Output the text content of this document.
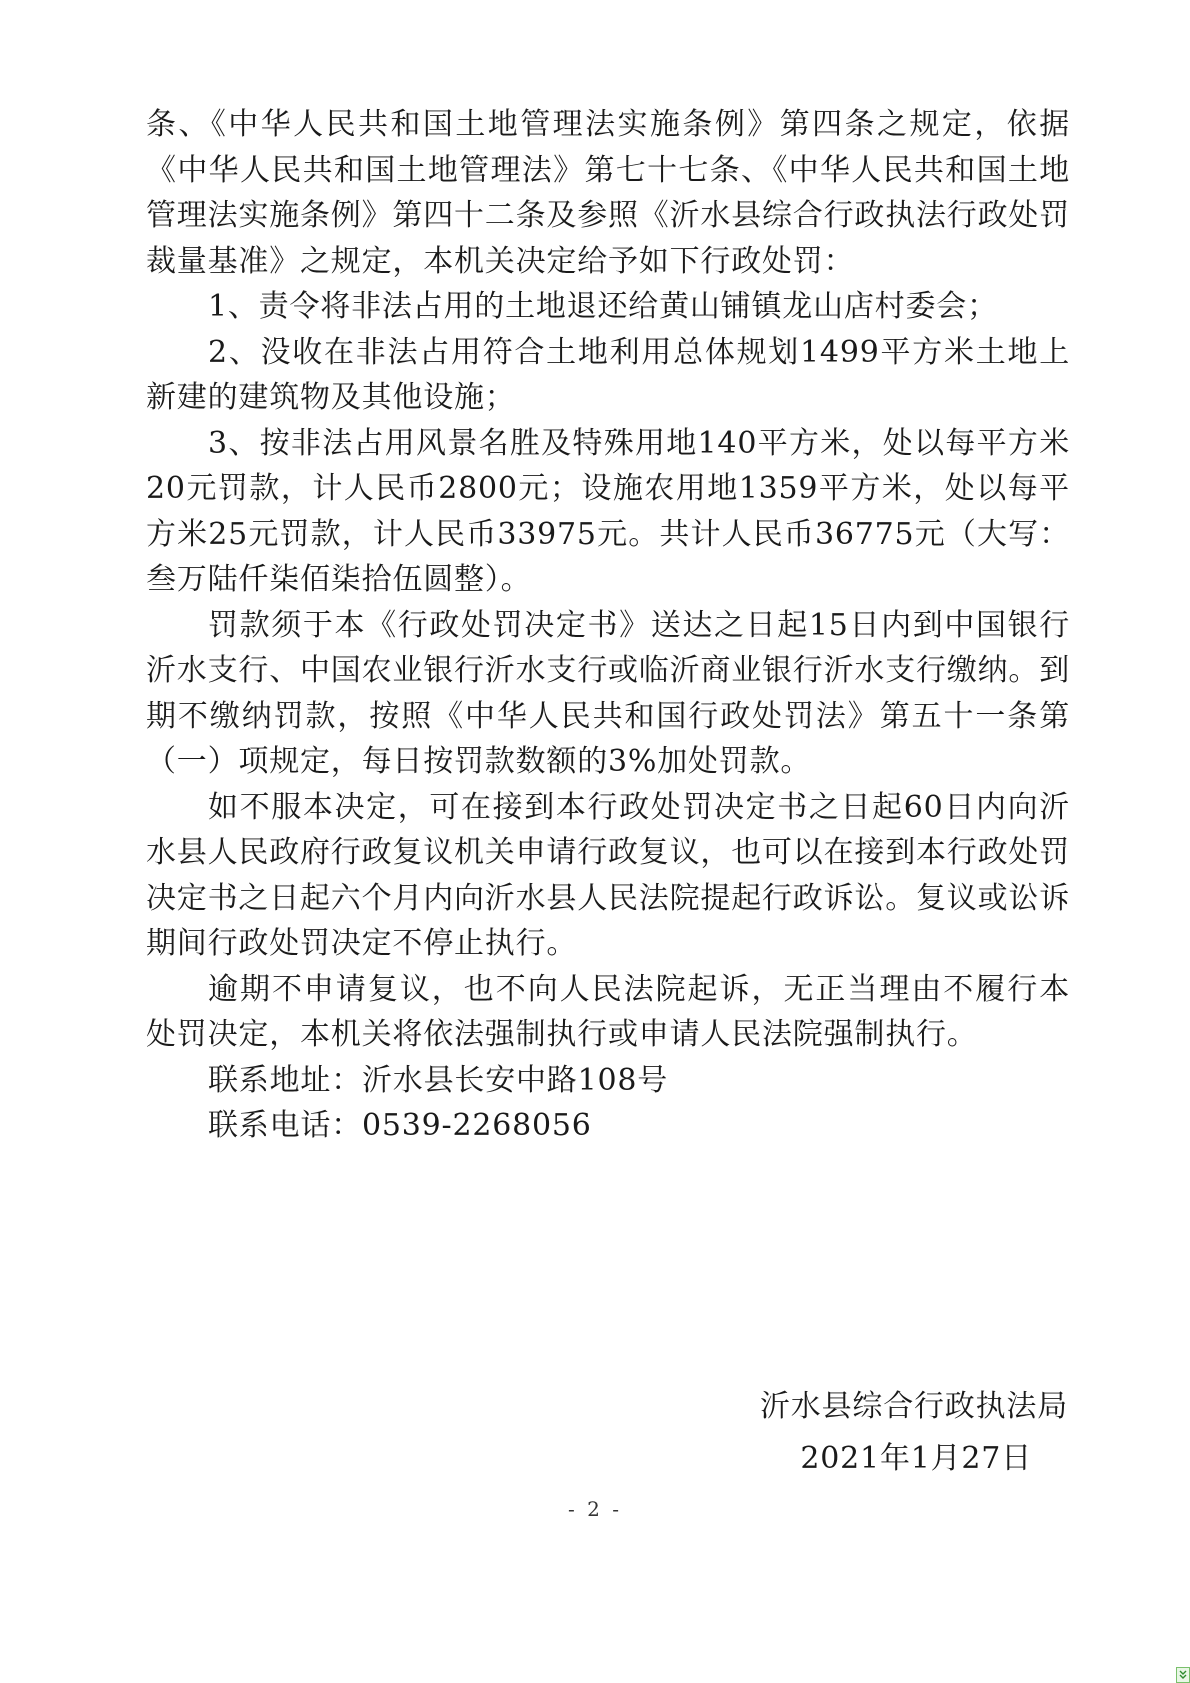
条、《中华人民共和国土地管理法实施条例》第四条之规定，依据《中华人民共和国土地管理法》第七十七条、《中华人民共和国土地管理法实施条例》第四十二条及参照《沂水县综合行政执法行政处罚裁量基准》之规定，本机关决定给予如下行政处罚：

1、责令将非法占用的土地退还给黄山铺镇龙山店村委会；

2、没收在非法占用符合土地利用总体规划1499平方米土地上新建的建筑物及其他设施；

3、按非法占用风景名胜及特殊用地140平方米，处以每平方米20元罚款，计人民币2800元；设施农用地1359平方米，处以每平方米25元罚款，计人民币33975元。共计人民币36775元（大写：叁万陆仟柒佰柒拾伍圆整）。

罚款须于本《行政处罚决定书》送达之日起15日内到中国银行沂水支行、中国农业银行沂水支行或临沂商业银行沂水支行缴纳。到期不缴纳罚款，按照《中华人民共和国行政处罚法》第五十一条第（一）项规定，每日按罚款数额的3%加处罚款。

如不服本决定，可在接到本行政处罚决定书之日起60日内向沂水县人民政府行政复议机关申请行政复议，也可以在接到本行政处罚决定书之日起六个月内向沂水县人民法院提起行政诉讼。复议或讼诉期间行政处罚决定不停止执行。

逾期不申请复议，也不向人民法院起诉，无正当理由不履行本处罚决定，本机关将依法强制执行或申请人民法院强制执行。

联系地址：沂水县长安中路108号

联系电话：0539-2268056

沂水县综合行政执法局
2021年1月27日
- 2 -
